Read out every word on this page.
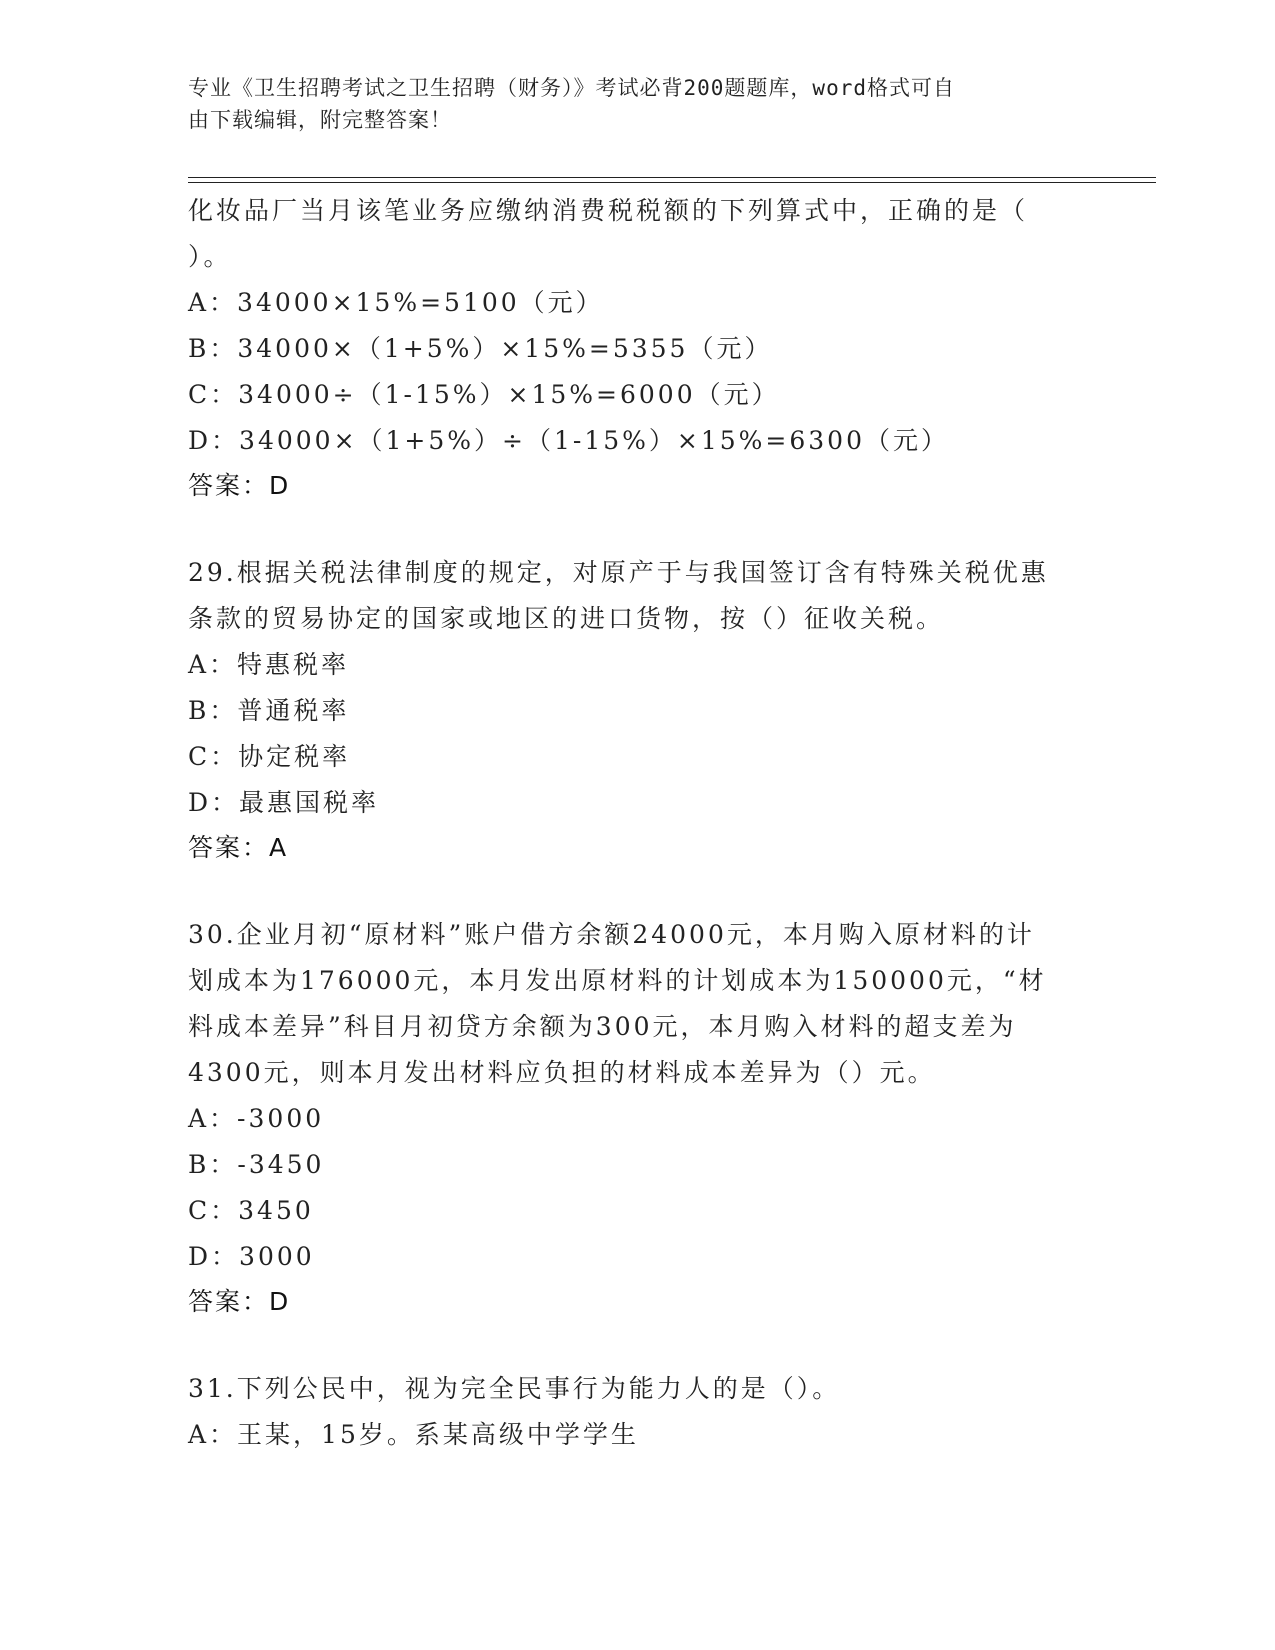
专业《卫生招聘考试之卫生招聘（财务）》考试必背200题题库，word格式可自
由下载编辑，附完整答案！
化妆品厂当月该笔业务应缴纳消费税税额的下列算式中，正确的是（
）。
A：34000×15%=5100（元）
B：34000×（1+5%）×15%=5355（元）
C：34000÷（1-15%）×15%=6000（元）
D：34000×（1+5%）÷（1-15%）×15%=6300（元）
答案：D
29.根据关税法律制度的规定，对原产于与我国签订含有特殊关税优惠
条款的贸易协定的国家或地区的进口货物，按（）征收关税。
A：特惠税率
B：普通税率
C：协定税率
D：最惠国税率
答案：A
30.企业月初“原材料”账户借方余额24000元，本月购入原材料的计
划成本为176000元，本月发出原材料的计划成本为150000元，“材
料成本差异”科目月初贷方余额为300元，本月购入材料的超支差为
4300元，则本月发出材料应负担的材料成本差异为（）元。
A：-3000
B：-3450
C：3450
D：3000
答案：D
31.下列公民中，视为完全民事行为能力人的是（）。
A：王某，15岁。系某高级中学学生
